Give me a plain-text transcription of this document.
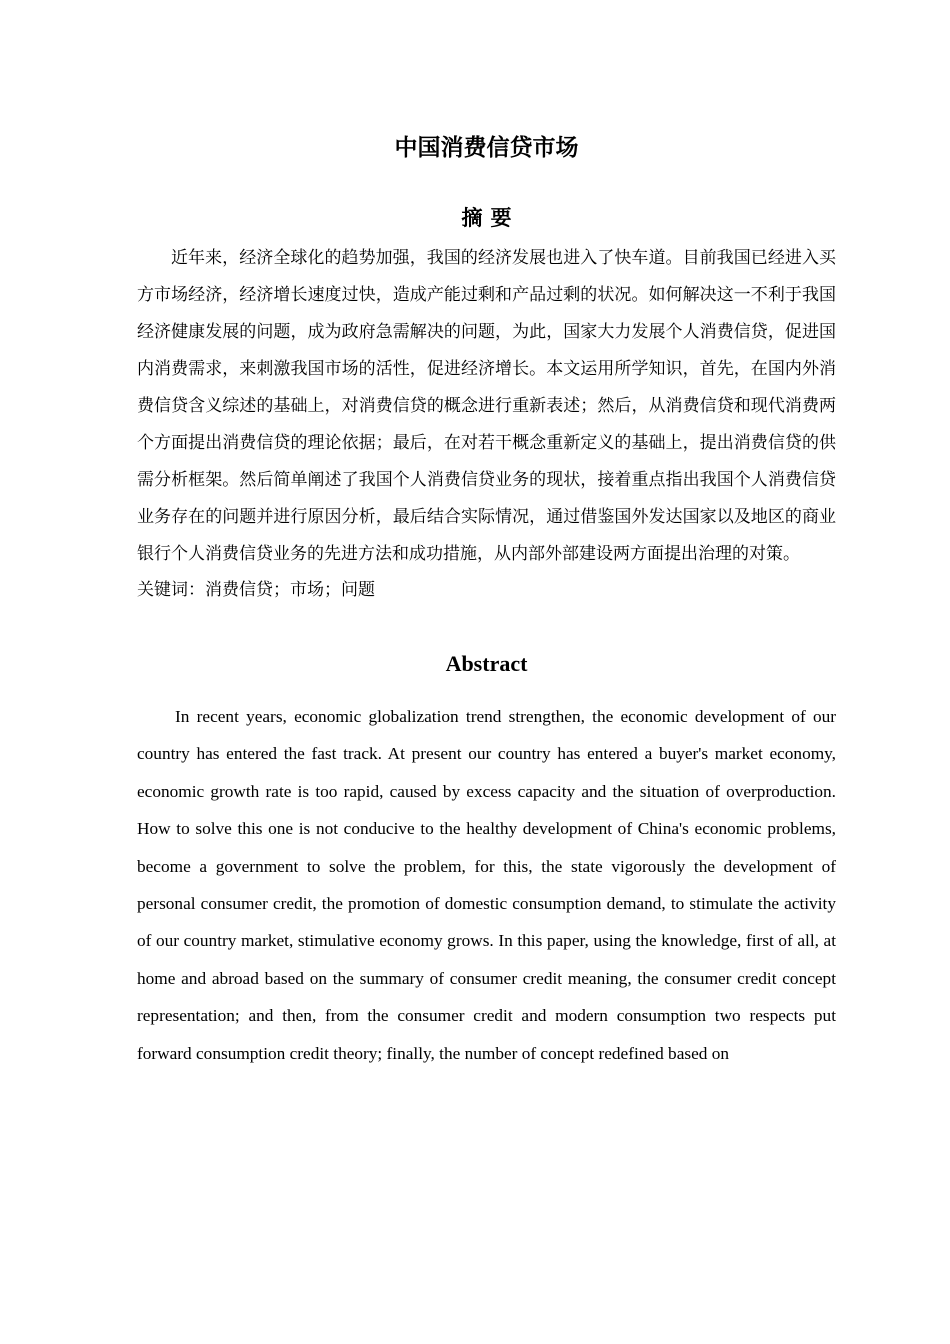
中国消费信贷市场
摘要

近年来，经济全球化的趋势加强，我国的经济发展也进入了快车道。目前我国已经进入买方市场经济，经济增长速度过快，造成产能过剩和产品过剩的状况。如何解决这一不利于我国经济健康发展的问题，成为政府急需解决的问题，为此，国家大力发展个人消费信贷，促进国内消费需求，来刺激我国市场的活性，促进经济增长。本文运用所学知识，首先，在国内外消费信贷含义综述的基础上，对消费信贷的概念进行重新表述；然后，从消费信贷和现代消费两个方面提出消费信贷的理论依据；最后，在对若干概念重新定义的基础上，提出消费信贷的供需分析框架。然后简单阐述了我国个人消费信贷业务的现状，接着重点指出我国个人消费信贷业务存在的问题并进行原因分析，最后结合实际情况，通过借鉴国外发达国家以及地区的商业银行个人消费信贷业务的先进方法和成功措施，从内部外部建设两方面提出治理的对策。

关键词：消费信贷；市场；问题

Abstract

In recent years, economic globalization trend strengthen, the economic development of our country has entered the fast track. At present our country has entered a buyer's market economy, economic growth rate is too rapid, caused by excess capacity and the situation of overproduction. How to solve this one is not conducive to the healthy development of China's economic problems, become a government to solve the problem, for this, the state vigorously the development of personal consumer credit, the promotion of domestic consumption demand, to stimulate the activity of our country market, stimulative economy grows. In this paper, using the knowledge, first of all, at home and abroad based on the summary of consumer credit meaning, the consumer credit concept representation; and then, from the consumer credit and modern consumption two respects put forward consumption credit theory; finally, the number of concept redefined based on
